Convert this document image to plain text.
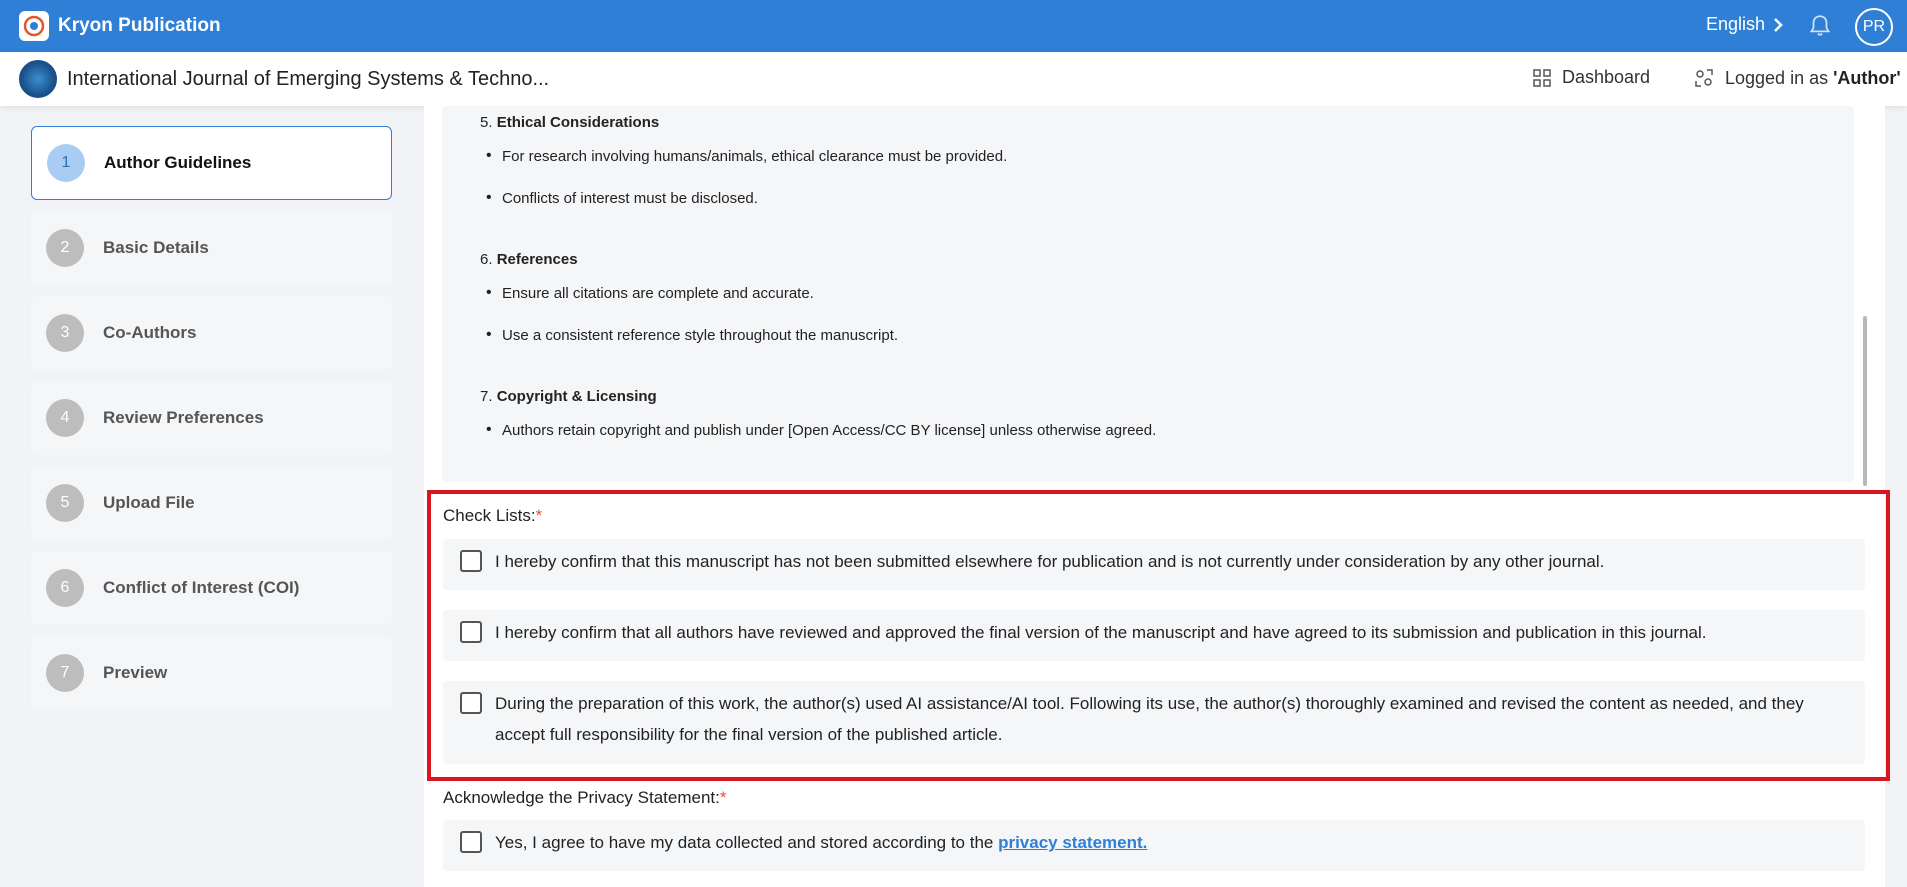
Kryon Publication	English	PR
International Journal of Emerging Systems & Techno...	Dashboard	Logged in as 'Author'
1	Author Guidelines
2	Basic Details
3	Co-Authors
4	Review Preferences
5	Upload File
6	Conflict of Interest (COI)
7	Preview
5. Ethical Considerations
• For research involving humans/animals, ethical clearance must be provided.
• Conflicts of interest must be disclosed.
6. References
• Ensure all citations are complete and accurate.
• Use a consistent reference style throughout the manuscript.
7. Copyright & Licensing
• Authors retain copyright and publish under [Open Access/CC BY license] unless otherwise agreed.
Check Lists:*
I hereby confirm that this manuscript has not been submitted elsewhere for publication and is not currently under consideration by any other journal.
I hereby confirm that all authors have reviewed and approved the final version of the manuscript and have agreed to its submission and publication in this journal.
During the preparation of this work, the author(s) used AI assistance/AI tool. Following its use, the author(s) thoroughly examined and revised the content as needed, and they accept full responsibility for the final version of the published article.
Acknowledge the Privacy Statement:*
Yes, I agree to have my data collected and stored according to the privacy statement.
